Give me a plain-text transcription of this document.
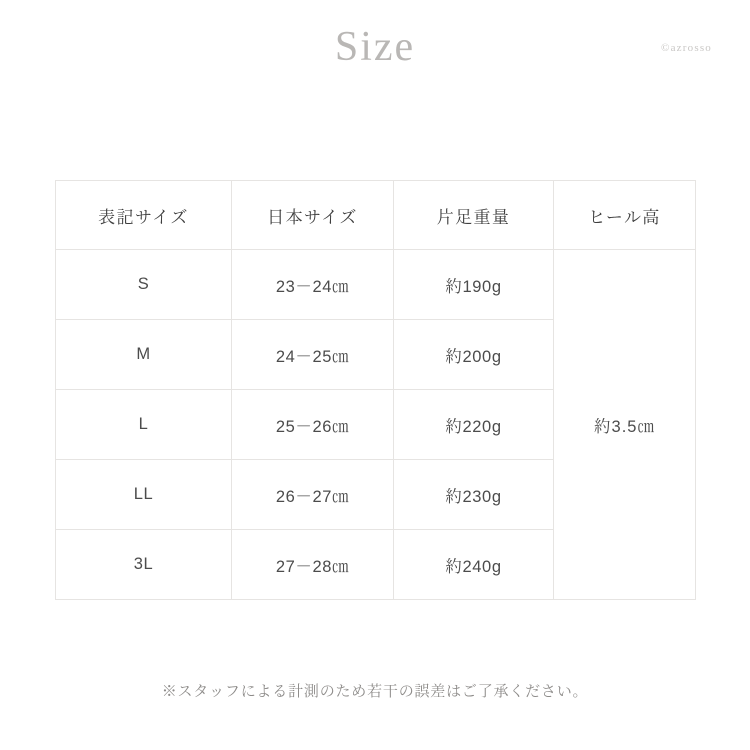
Size	©azrosso
表記サイズ	日本サイズ	片足重量	ヒール高
S	23－24㎝	約190g	約3.5㎝
M	24－25㎝	約200g	
L	25－26㎝	約220g	
LL	26－27㎝	約230g	
3L	27－28㎝	約240g	
※スタッフによる計測のため若干の誤差はご了承ください。
